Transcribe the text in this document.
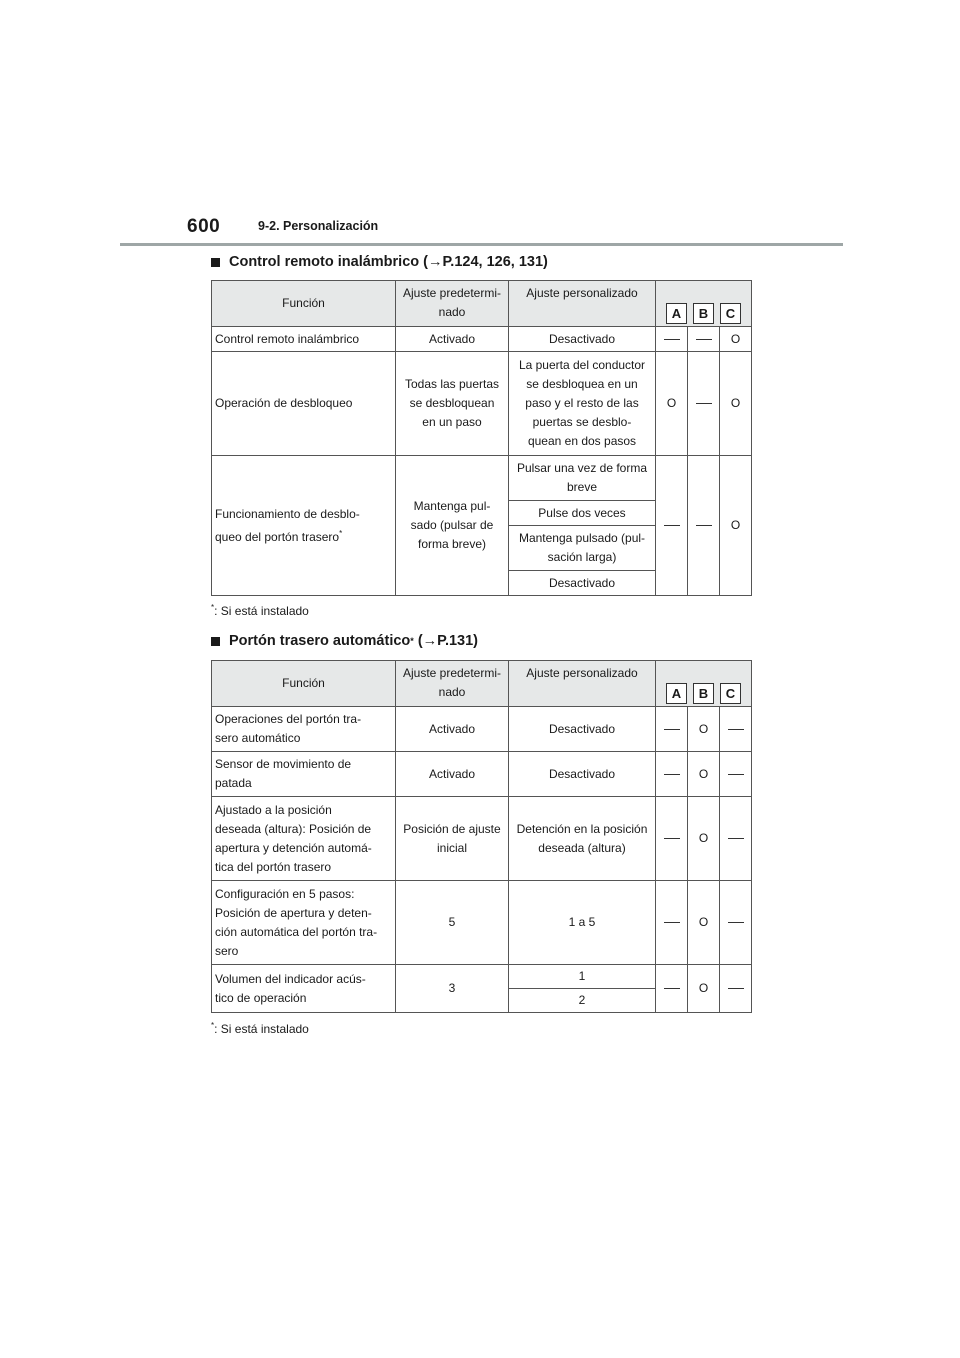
600	9-2. Personalización
Control remoto inalámbrico ( → P.124, 126, 131)
Función	Ajuste predetermi-
nado	Ajuste personalizado	A B C		

Control remoto inalámbrico	Activado	Desactivado			O
Operación de desbloqueo	Todas las puertas
se desbloquean
en un paso	La puerta del conductor
se desbloquea en un
paso y el resto de las
puertas se desblo-
quean en dos pasos	O		O
Funcionamiento de desblo-
queo del portón trasero*	Mantenga pul-
sado (pulsar de
forma breve)	Pulsar una vez de forma
breve			O
		Pulse dos veces			
		Mantenga pulsado (pul-
sación larga)			
		Desactivado			
*: Si está instalado
Portón trasero automático * ( → P.131)
Función	Ajuste predetermi-
nado	Ajuste personalizado	A B C		

Operaciones del portón tra-
sero automático	Activado	Desactivado		O	
Sensor de movimiento de
patada	Activado	Desactivado		O	
Ajustado a la posición
deseada (altura): Posición de
apertura y detención automá-
tica del portón trasero	Posición de ajuste
inicial	Detención en la posición
deseada (altura)		O	
Configuración en 5 pasos:
Posición de apertura y deten-
ción automática del portón tra-
sero	5	1 a 5		O	
Volumen del indicador acús-
tico de operación	3	1		O	
		2			
*: Si está instalado
